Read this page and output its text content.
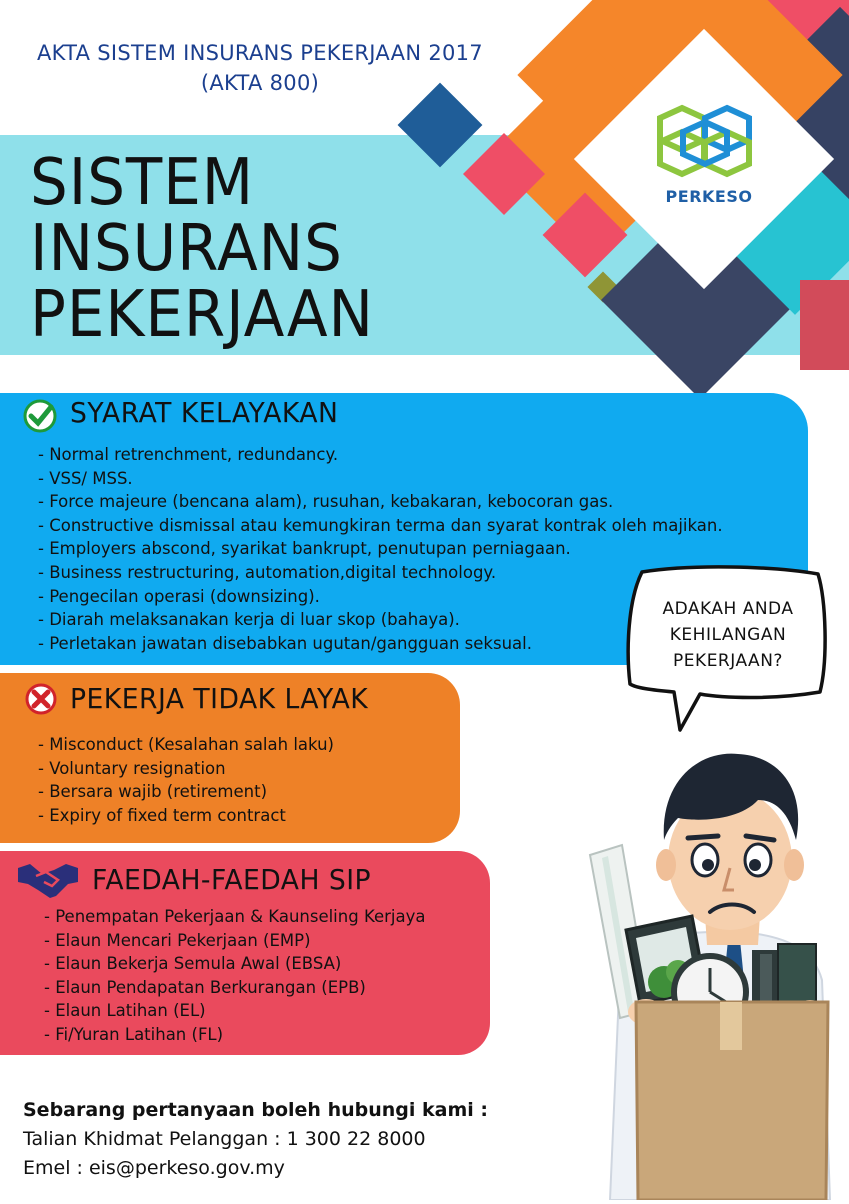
PERKESO
AKTA SISTEM INSURANS PEKERJAAN 2017
(AKTA 800)
SISTEM
INSURANS
PEKERJAAN
SYARAT KELAYAKAN
- Normal retrenchment, redundancy.
- VSS/ MSS.
- Force majeure (bencana alam), rusuhan, kebakaran, kebocoran gas.
- Constructive dismissal atau kemungkiran terma dan syarat kontrak oleh majikan.
- Employers abscond, syarikat bankrupt, penutupan perniagaan.
- Business restructuring, automation,digital technology.
- Pengecilan operasi (downsizing).
- Diarah melaksanakan kerja di luar skop (bahaya).
- Perletakan jawatan disebabkan ugutan/gangguan seksual.
PEKERJA TIDAK LAYAK
- Misconduct (Kesalahan salah laku)
- Voluntary resignation
- Bersara wajib (retirement)
- Expiry of fixed term contract
FAEDAH-FAEDAH SIP
- Penempatan Pekerjaan & Kaunseling Kerjaya
- Elaun Mencari Pekerjaan (EMP)
- Elaun Bekerja Semula Awal (EBSA)
- Elaun Pendapatan Berkurangan (EPB)
- Elaun Latihan (EL)
- Fi/Yuran Latihan (FL)
ADAKAH ANDA
KEHILANGAN
PEKERJAAN?
Sebarang pertanyaan boleh hubungi kami :
Talian Khidmat Pelanggan : 1 300 22 8000
Emel : eis@perkeso.gov.my
